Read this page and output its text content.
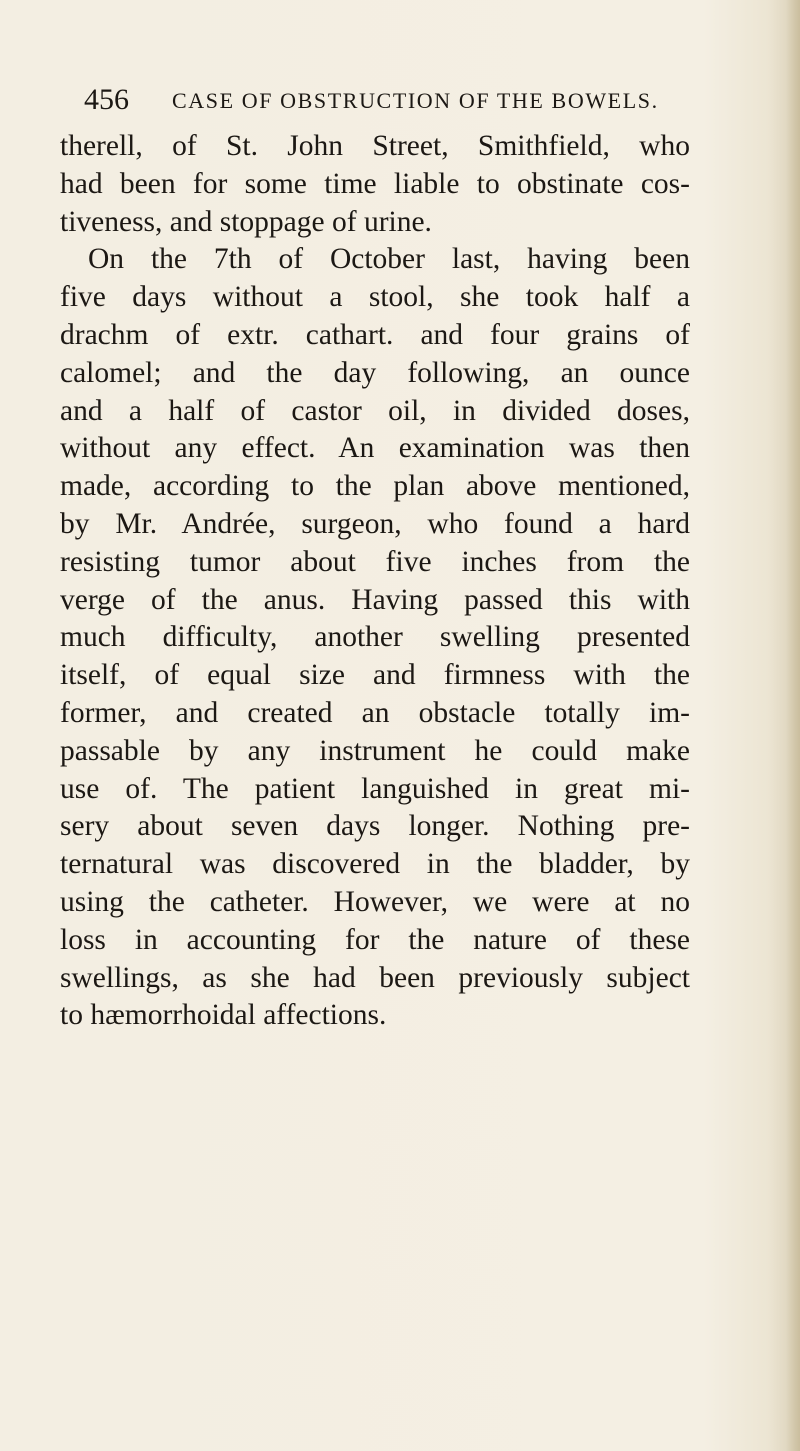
456 CASE OF OBSTRUCTION OF THE BOWELS.
therell, of St. John Street, Smithfield, who
had been for some time liable to obstinate cos-
tiveness, and stoppage of urine.
On the 7th of October last, having been
five days without a stool, she took half a
drachm of extr. cathart. and four grains of
calomel; and the day following, an ounce
and a half of castor oil, in divided doses,
without any effect. An examination was then
made, according to the plan above mentioned,
by Mr. Andrée, surgeon, who found a hard
resisting tumor about five inches from the
verge of the anus. Having passed this with
much difficulty, another swelling presented
itself, of equal size and firmness with the
former, and created an obstacle totally im-
passable by any instrument he could make
use of. The patient languished in great mi-
sery about seven days longer. Nothing pre-
ternatural was discovered in the bladder, by
using the catheter. However, we were at no
loss in accounting for the nature of these
swellings, as she had been previously subject
to hæmorrhoidal affections.
